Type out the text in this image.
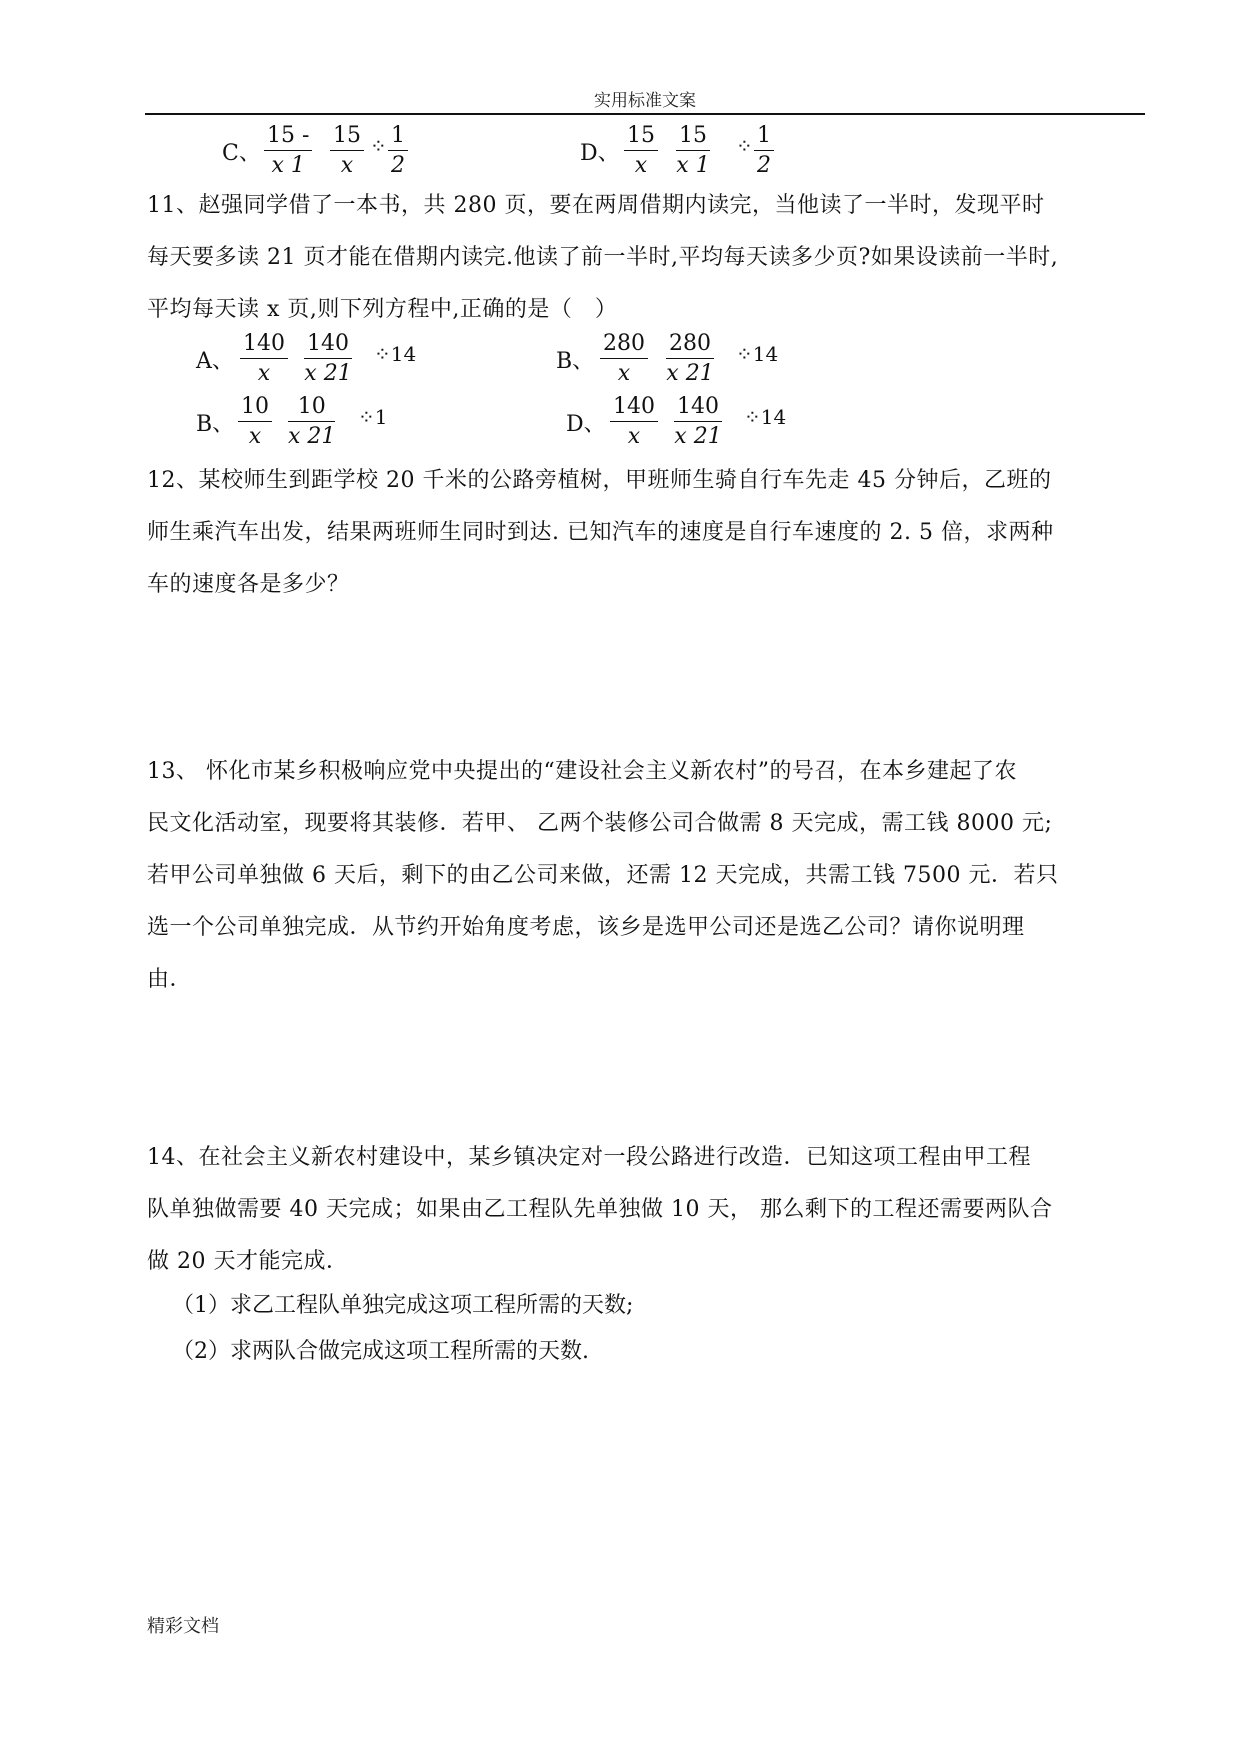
实用标准文案
C、 $\frac{15 -}{x 1} \frac{15}{x}$ ⁘ $\frac{1}{2}$	D、 $\frac{15}{x} \frac{15}{x 1}$ ⁘ $\frac{1}{2}$
11、赵强同学借了一本书，共 280 页，要在两周借期内读完，当他读了一半时，发现平时
每天要多读 21 页才能在借期内读完.他读了前一半时,平均每天读多少页?如果设读前一半时,
平均每天读 x 页,则下列方程中,正确的是（　）
A、 $\frac{140}{x} \frac{140}{x 21}$ ⁘14	B、 $\frac{280}{x} \frac{280}{x 21}$ ⁘14
B、 $\frac{10}{x} \frac{10}{x 21}$ ⁘1	D、 $\frac{140}{x} \frac{140}{x 21}$ ⁘14
12、某校师生到距学校 20 千米的公路旁植树，甲班师生骑自行车先走 45 分钟后，乙班的
师生乘汽车出发，结果两班师生同时到达. 已知汽车的速度是自行车速度的 2. 5 倍，求两种
车的速度各是多少？
13、 怀化市某乡积极响应党中央提出的“建设社会主义新农村”的号召，在本乡建起了农
民文化活动室，现要将其装修．若甲、 乙两个装修公司合做需 8 天完成，需工钱 8000 元;
若甲公司单独做 6 天后，剩下的由乙公司来做，还需 12 天完成，共需工钱 7500 元．若只
选一个公司单独完成．从节约开始角度考虑，该乡是选甲公司还是选乙公司？请你说明理
由．
14、在社会主义新农村建设中，某乡镇决定对一段公路进行改造．已知这项工程由甲工程
队单独做需要 40 天完成；如果由乙工程队先单独做 10 天， 那么剩下的工程还需要两队合
做 20 天才能完成．
（1）求乙工程队单独完成这项工程所需的天数;
（2）求两队合做完成这项工程所需的天数.
精彩文档
